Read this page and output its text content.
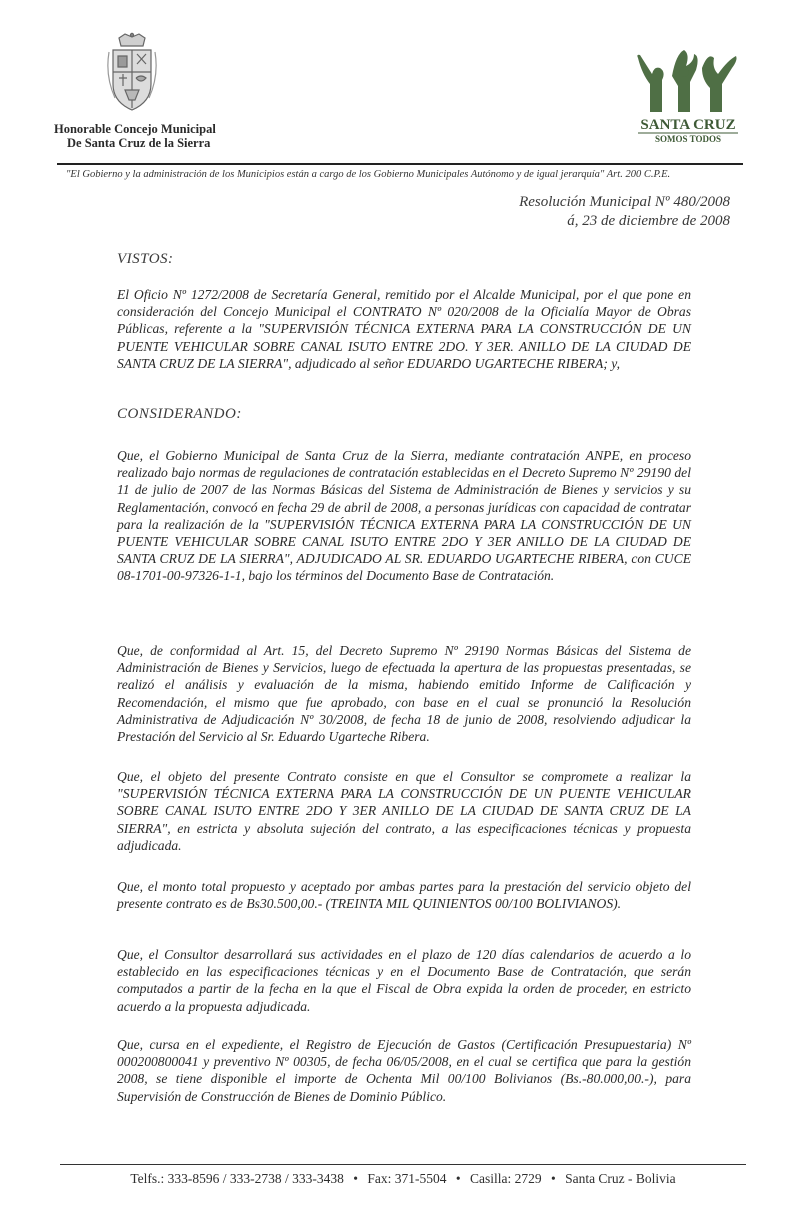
Honorable Concejo Municipal
De Santa Cruz de la Sierra
SANTA CRUZ
SOMOS TODOS
"El Gobierno y la administración de los Municipios están a cargo de los Gobierno Municipales Autónomo y de igual jerarquía" Art. 200 C.P.E.
Resolución Municipal Nº 480/2008
á, 23 de diciembre de 2008
VISTOS:

El Oficio Nº 1272/2008 de Secretaría General, remitido por el Alcalde Municipal, por el que pone en consideración del Concejo Municipal el CONTRATO Nº 020/2008 de la Oficialía Mayor de Obras Públicas, referente a la "SUPERVISIÓN TÉCNICA EXTERNA PARA LA CONSTRUCCIÓN DE UN PUENTE VEHICULAR SOBRE CANAL ISUTO ENTRE 2DO. Y 3ER. ANILLO DE LA CIUDAD DE SANTA CRUZ DE LA SIERRA", adjudicado al señor EDUARDO UGARTECHE RIBERA; y,

CONSIDERANDO:

Que, el Gobierno Municipal de Santa Cruz de la Sierra, mediante contratación ANPE, en proceso realizado bajo normas de regulaciones de contratación establecidas en el Decreto Supremo Nº 29190 del 11 de julio de 2007 de las Normas Básicas del Sistema de Administración de Bienes y servicios y su Reglamentación, convocó en fecha 29 de abril de 2008, a personas jurídicas con capacidad de contratar para la realización de la "SUPERVISIÓN TÉCNICA EXTERNA PARA LA CONSTRUCCIÓN DE UN PUENTE VEHICULAR SOBRE CANAL ISUTO ENTRE 2DO Y 3ER ANILLO DE LA CIUDAD DE SANTA CRUZ DE LA SIERRA", ADJUDICADO AL SR. EDUARDO UGARTECHE RIBERA, con CUCE 08-1701-00-97326-1-1, bajo los términos del Documento Base de Contratación.

Que, de conformidad al Art. 15, del Decreto Supremo Nº 29190 Normas Básicas del Sistema de Administración de Bienes y Servicios, luego de efectuada la apertura de las propuestas presentadas, se realizó el análisis y evaluación de la misma, habiendo emitido Informe de Calificación y Recomendación, el mismo que fue aprobado, con base en el cual se pronunció la Resolución Administrativa de Adjudicación Nº 30/2008, de fecha 18 de junio de 2008, resolviendo adjudicar la Prestación del Servicio al Sr. Eduardo Ugarteche Ribera.

Que, el objeto del presente Contrato consiste en que el Consultor se compromete a realizar la "SUPERVISIÓN TÉCNICA EXTERNA PARA LA CONSTRUCCIÓN DE UN PUENTE VEHICULAR SOBRE CANAL ISUTO ENTRE 2DO Y 3ER ANILLO DE LA CIUDAD DE SANTA CRUZ DE LA SIERRA", en estricta y absoluta sujeción del contrato, a las especificaciones técnicas y propuesta adjudicada.

Que, el monto total propuesto y aceptado por ambas partes para la prestación del servicio objeto del presente contrato es de Bs30.500,00.- (TREINTA MIL QUINIENTOS 00/100 BOLIVIANOS).

Que, el Consultor desarrollará sus actividades en el plazo de 120 días calendarios de acuerdo a lo establecido en las especificaciones técnicas y en el Documento Base de Contratación, que serán computados a partir de la fecha en la que el Fiscal de Obra expida la orden de proceder, en estricto acuerdo a la propuesta adjudicada.

Que, cursa en el expediente, el Registro de Ejecución de Gastos (Certificación Presupuestaria) Nº 000200800041 y preventivo Nº 00305, de fecha 06/05/2008, en el cual se certifica que para la gestión 2008, se tiene disponible el importe de Ochenta Mil 00/100 Bolivianos (Bs.-80.000,00.-), para Supervisión de Construcción de Bienes de Dominio Público.

Telfs.: 333-8596 / 333-2738 / 333-3438 • Fax: 371-5504 • Casilla: 2729 • Santa Cruz - Bolivia
